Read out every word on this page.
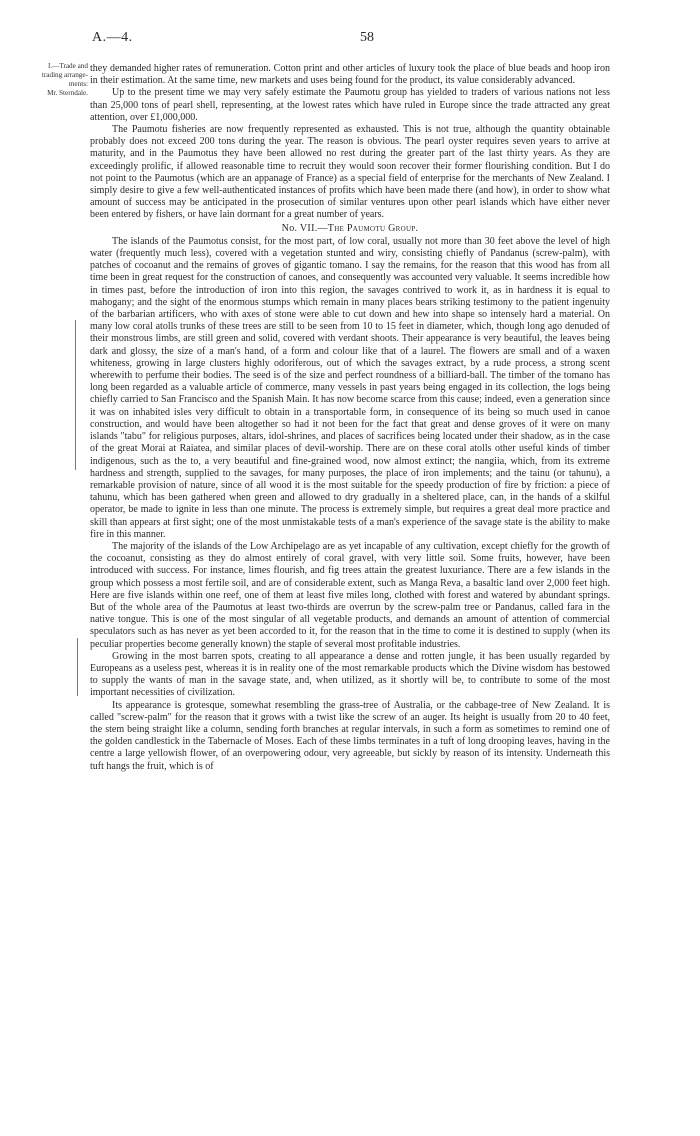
A.—4.	58
I.—Trade and
trading arrange-
ments:
Mr. Sterndale.

they demanded higher rates of remuneration. Cotton print and other articles of luxury took the place of blue beads and hoop iron in their estimation. At the same time, new markets and uses being found for the product, its value considerably advanced.

Up to the present time we may very safely estimate the Paumotu group has yielded to traders of various nations not less than 25,000 tons of pearl shell, representing, at the lowest rates which have ruled in Europe since the trade attracted any great attention, over £1,000,000.

The Paumotu fisheries are now frequently represented as exhausted. This is not true, although the quantity obtainable probably does not exceed 200 tons during the year. The reason is obvious. The pearl oyster requires seven years to arrive at maturity, and in the Paumotus they have been allowed no rest during the greater part of the last thirty years. As they are exceedingly prolific, if allowed reasonable time to recruit they would soon recover their former flourishing condition. But I do not point to the Paumotus (which are an appanage of France) as a special field of enterprise for the merchants of New Zealand. I simply desire to give a few well-authenticated instances of profits which have been made there (and how), in order to show what amount of success may be anticipated in the prosecution of similar ventures upon other pearl islands which have either never been entered by fishers, or have lain dormant for a great number of years.

No. VII.—The Paumotu Group.

The islands of the Paumotus consist, for the most part, of low coral, usually not more than 30 feet above the level of high water (frequently much less), covered with a vegetation stunted and wiry, consisting chiefly of Pandanus (screw-palm), with patches of cocoanut and the remains of groves of gigantic tomano. I say the remains, for the reason that this wood has from all time been in great request for the construction of canoes, and consequently was accounted very valuable. It seems incredible how in times past, before the introduction of iron into this region, the savages contrived to work it, as in hardness it is equal to mahogany; and the sight of the enormous stumps which remain in many places bears striking testimony to the patient ingenuity of the barbarian artificers, who with axes of stone were able to cut down and hew into shape so intensely hard a material. On many low coral atolls trunks of these trees are still to be seen from 10 to 15 feet in diameter, which, though long ago denuded of their monstrous limbs, are still green and solid, covered with verdant shoots. Their appearance is very beautiful, the leaves being dark and glossy, the size of a man's hand, of a form and colour like that of a laurel. The flowers are small and of a waxen whiteness, growing in large clusters highly odoriferous, out of which the savages extract, by a rude process, a strong scent wherewith to perfume their bodies. The seed is of the size and perfect roundness of a billiard-ball. The timber of the tomano has long been regarded as a valuable article of commerce, many vessels in past years being engaged in its collection, the logs being chiefly carried to San Francisco and the Spanish Main. It has now become scarce from this cause; indeed, even a generation since it was on inhabited isles very difficult to obtain in a transportable form, in consequence of its being so much used in canoe construction, and would have been altogether so had it not been for the fact that great and dense groves of it were on many islands "tabu" for religious purposes, altars, idol-shrines, and places of sacrifices being located under their shadow, as in the case of the great Morai at Raiatea, and similar places of devil-worship. There are on these coral atolls other useful kinds of timber indigenous, such as the to, a very beautiful and fine-grained wood, now almost extinct; the nangiia, which, from its extreme hardness and strength, supplied to the savages, for many purposes, the place of iron implements; and the tainu (or tahunu), a remarkable provision of nature, since of all wood it is the most suitable for the speedy production of fire by friction: a piece of tahunu, which has been gathered when green and allowed to dry gradually in a sheltered place, can, in the hands of a skilful operator, be made to ignite in less than one minute. The process is extremely simple, but requires a great deal more practice and skill than appears at first sight; one of the most unmistakable tests of a man's experience of the savage state is the ability to make fire in this manner.

The majority of the islands of the Low Archipelago are as yet incapable of any cultivation, except chiefly for the growth of the cocoanut, consisting as they do almost entirely of coral gravel, with very little soil. Some fruits, however, have been introduced with success. For instance, limes flourish, and fig trees attain the greatest luxuriance. There are a few islands in the group which possess a most fertile soil, and are of considerable extent, such as Manga Reva, a basaltic land over 2,000 feet high. Here are five islands within one reef, one of them at least five miles long, clothed with forest and watered by abundant springs. But of the whole area of the Paumotus at least two-thirds are overrun by the screw-palm tree or Pandanus, called fara in the native tongue. This is one of the most singular of all vegetable products, and demands an amount of attention of commercial speculators such as has never as yet been accorded to it, for the reason that in the time to come it is destined to supply (when its peculiar properties become generally known) the staple of several most profitable industries.

Growing in the most barren spots, creating to all appearance a dense and rotten jungle, it has been usually regarded by Europeans as a useless pest, whereas it is in reality one of the most remarkable products which the Divine wisdom has bestowed to supply the wants of man in the savage state, and, when utilized, as it shortly will be, to contribute to some of the most important necessities of civilization.

Its appearance is grotesque, somewhat resembling the grass-tree of Australia, or the cabbage-tree of New Zealand. It is called "screw-palm" for the reason that it grows with a twist like the screw of an auger. Its height is usually from 20 to 40 feet, the stem being straight like a column, sending forth branches at regular intervals, in such a form as sometimes to remind one of the golden candlestick in the Tabernacle of Moses. Each of these limbs terminates in a tuft of long drooping leaves, having in the centre a large yellowish flower, of an overpowering odour, very agreeable, but sickly by reason of its intensity. Underneath this tuft hangs the fruit, which is of
